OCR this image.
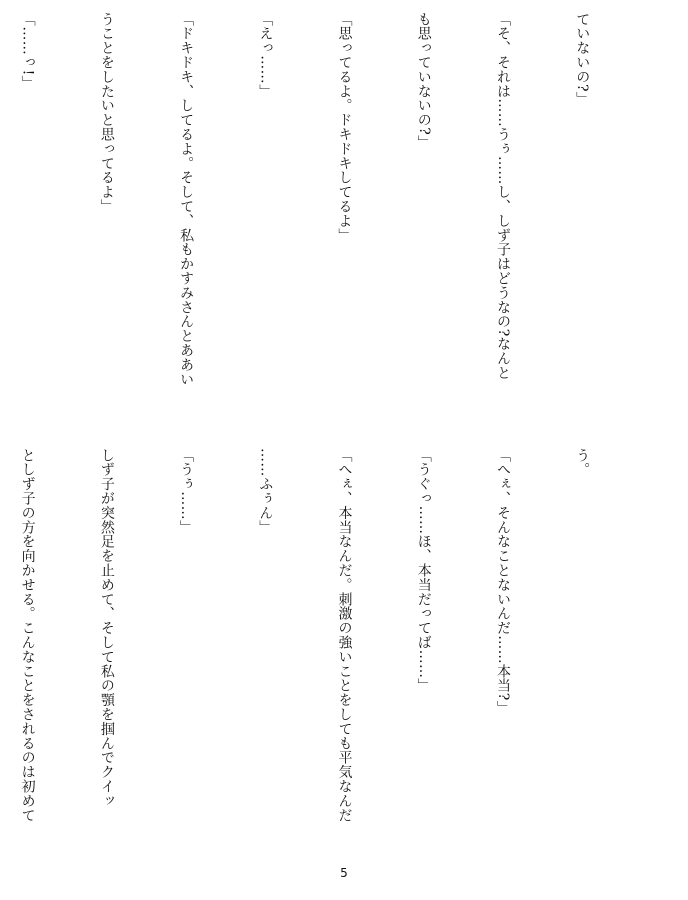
ていないの?」

「そ、それは……うぅ……し、しず子はどうなの?なんと

も思っていないの?」

「思ってるよ。ドキドキしてるよ」

「えっ……」

「ドキドキ、してるよ。そして、私もかすみさんとああい

うことをしたいと思ってるよ」

「……っ!」

う。

「へぇ、そんなことないんだ……本当?」

「うぐっ……ほ、本当だってば……」

「へぇ、本当なんだ。刺激の強いことをしても平気なんだ

……ふぅん」

「うぅ……」

しず子が突然足を止めて、そして私の顎を掴んでクイッ

としず子の方を向かせる。こんなことをされるのは初めて

5
